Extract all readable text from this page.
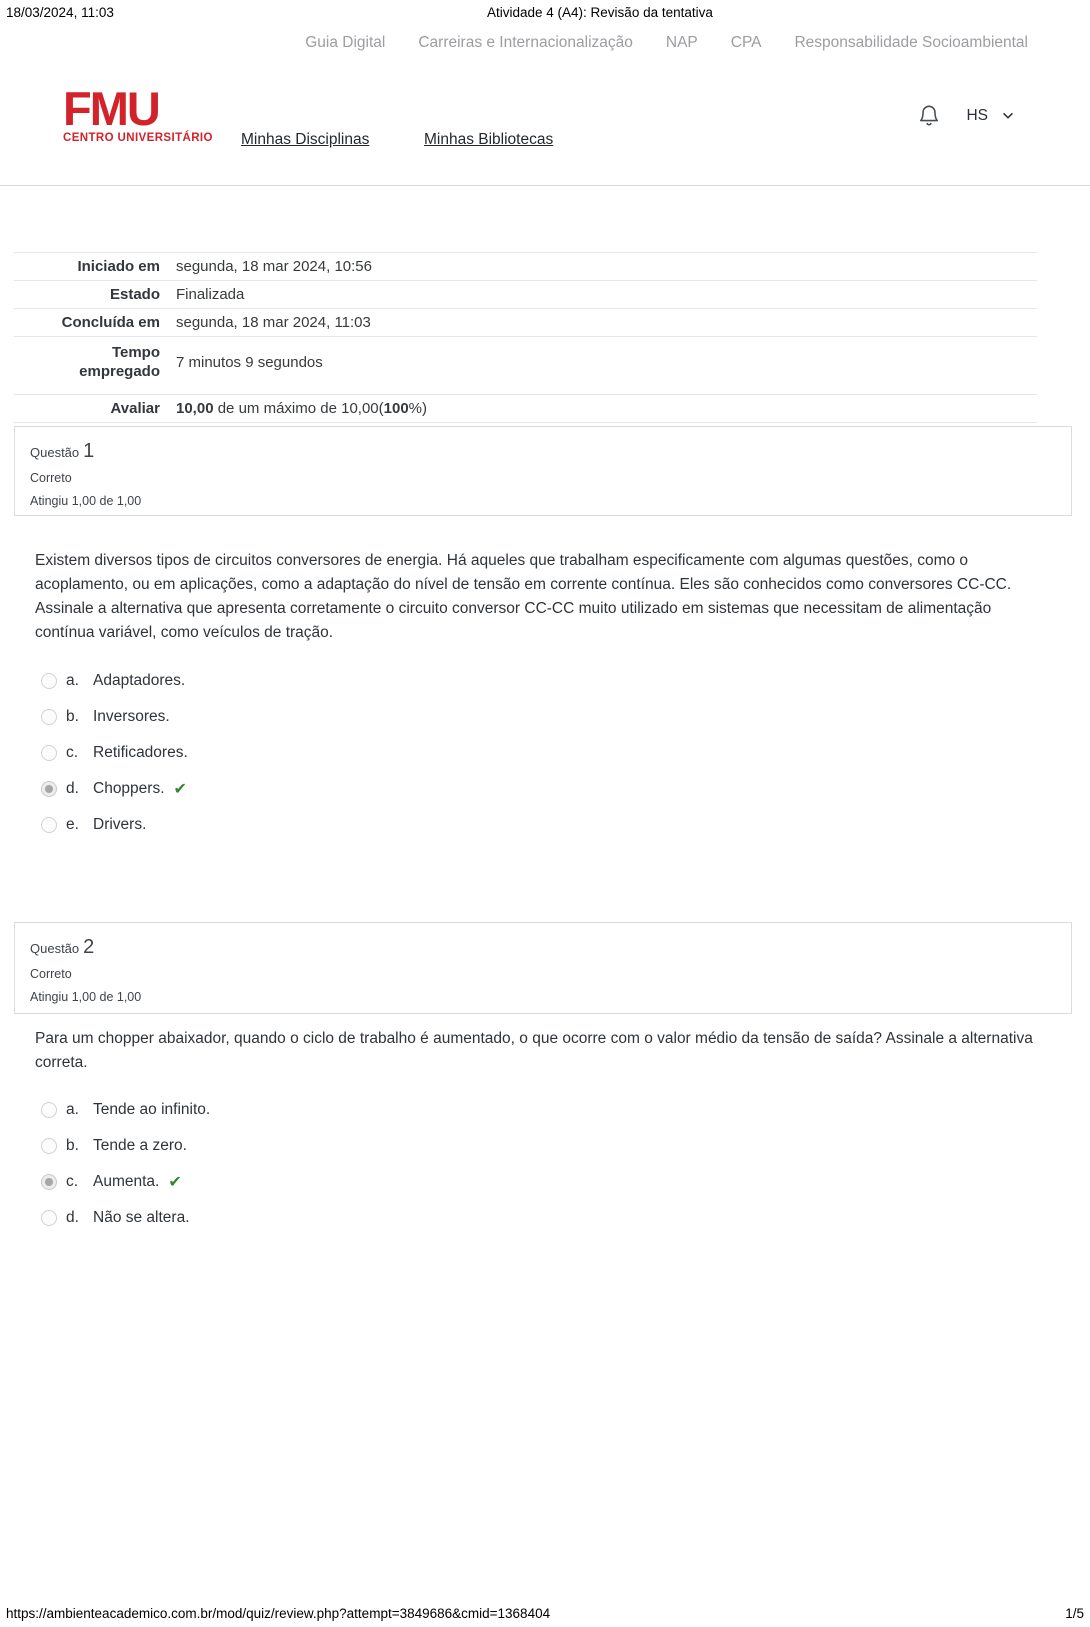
18/03/2024, 11:03	Atividade 4 (A4): Revisão da tentativa
Guia Digital Carreiras e Internacionalização NAP CPA Responsabilidade Socioambiental
FMU
CENTRO UNIVERSITÁRIO Minhas Disciplinas	Minhas Bibliotecas
HS
Iniciado em	segunda, 18 mar 2024, 10:56
Estado	Finalizada
Concluída em	segunda, 18 mar 2024, 11:03
Tempo empregado	7 minutos 9 segundos
Avaliar	10,00 de um máximo de 10,00(100%)
Questão 1
Correto
Atingiu 1,00 de 1,00
Existem diversos tipos de circuitos conversores de energia. Há aqueles que trabalham especificamente com algumas questões, como o acoplamento, ou em aplicações, como a adaptação do nível de tensão em corrente contínua. Eles são conhecidos como conversores CC-CC. Assinale a alternativa que apresenta corretamente o circuito conversor CC-CC muito utilizado em sistemas que necessitam de alimentação contínua variável, como veículos de tração.
a. Adaptadores.
b. Inversores.
c. Retificadores.
d. Choppers. ✔
e. Drivers.
Questão 2
Correto
Atingiu 1,00 de 1,00
Para um chopper abaixador, quando o ciclo de trabalho é aumentado, o que ocorre com o valor médio da tensão de saída? Assinale a alternativa correta.
a. Tende ao infinito.
b. Tende a zero.
c. Aumenta. ✔
d. Não se altera.
https://ambienteacademico.com.br/mod/quiz/review.php?attempt=3849686&cmid=1368404	1/5
